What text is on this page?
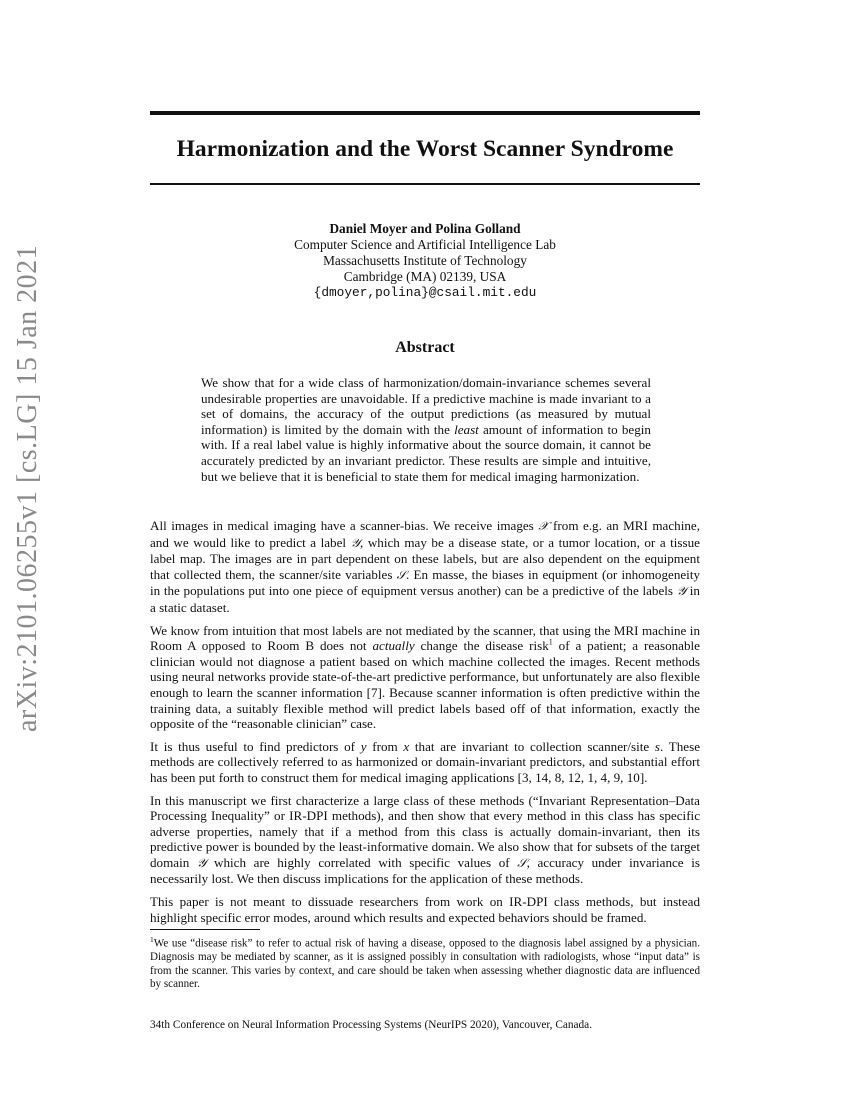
arXiv:2101.06255v1 [cs.LG] 15 Jan 2021
Harmonization and the Worst Scanner Syndrome
Daniel Moyer and Polina Golland
Computer Science and Artificial Intelligence Lab
Massachusetts Institute of Technology
Cambridge (MA) 02139, USA
{dmoyer,polina}@csail.mit.edu
Abstract
We show that for a wide class of harmonization/domain-invariance schemes several undesirable properties are unavoidable. If a predictive machine is made invariant to a set of domains, the accuracy of the output predictions (as measured by mutual information) is limited by the domain with the least amount of information to begin with. If a real label value is highly informative about the source domain, it cannot be accurately predicted by an invariant predictor. These results are simple and intuitive, but we believe that it is beneficial to state them for medical imaging harmonization.

All images in medical imaging have a scanner-bias. We receive images 𝒳 from e.g. an MRI machine, and we would like to predict a label 𝒴, which may be a disease state, or a tumor location, or a tissue label map. The images are in part dependent on these labels, but are also dependent on the equipment that collected them, the scanner/site variables 𝒮. En masse, the biases in equipment (or inhomogeneity in the populations put into one piece of equipment versus another) can be a predictive of the labels 𝒴 in a static dataset.

We know from intuition that most labels are not mediated by the scanner, that using the MRI machine in Room A opposed to Room B does not actually change the disease risk$^1$ of a patient; a reasonable clinician would not diagnose a patient based on which machine collected the images. Recent methods using neural networks provide state-of-the-art predictive performance, but unfortunately are also flexible enough to learn the scanner information [7]. Because scanner information is often predictive within the training data, a suitably flexible method will predict labels based off of that information, exactly the opposite of the “reasonable clinician” case.

It is thus useful to find predictors of y from x that are invariant to collection scanner/site s. These methods are collectively referred to as harmonized or domain-invariant predictors, and substantial effort has been put forth to construct them for medical imaging applications [3, 14, 8, 12, 1, 4, 9, 10].

In this manuscript we first characterize a large class of these methods (“Invariant Representation–Data Processing Inequality” or IR-DPI methods), and then show that every method in this class has specific adverse properties, namely that if a method from this class is actually domain-invariant, then its predictive power is bounded by the least-informative domain. We also show that for subsets of the target domain 𝒴 which are highly correlated with specific values of 𝒮, accuracy under invariance is necessarily lost. We then discuss implications for the application of these methods.

This paper is not meant to dissuade researchers from work on IR-DPI class methods, but instead highlight specific error modes, around which results and expected behaviors should be framed.

$^1$We use “disease risk” to refer to actual risk of having a disease, opposed to the diagnosis label assigned by a physician. Diagnosis may be mediated by scanner, as it is assigned possibly in consultation with radiologists, whose “input data” is from the scanner. This varies by context, and care should be taken when assessing whether diagnostic data are influenced by scanner.
34th Conference on Neural Information Processing Systems (NeurIPS 2020), Vancouver, Canada.
